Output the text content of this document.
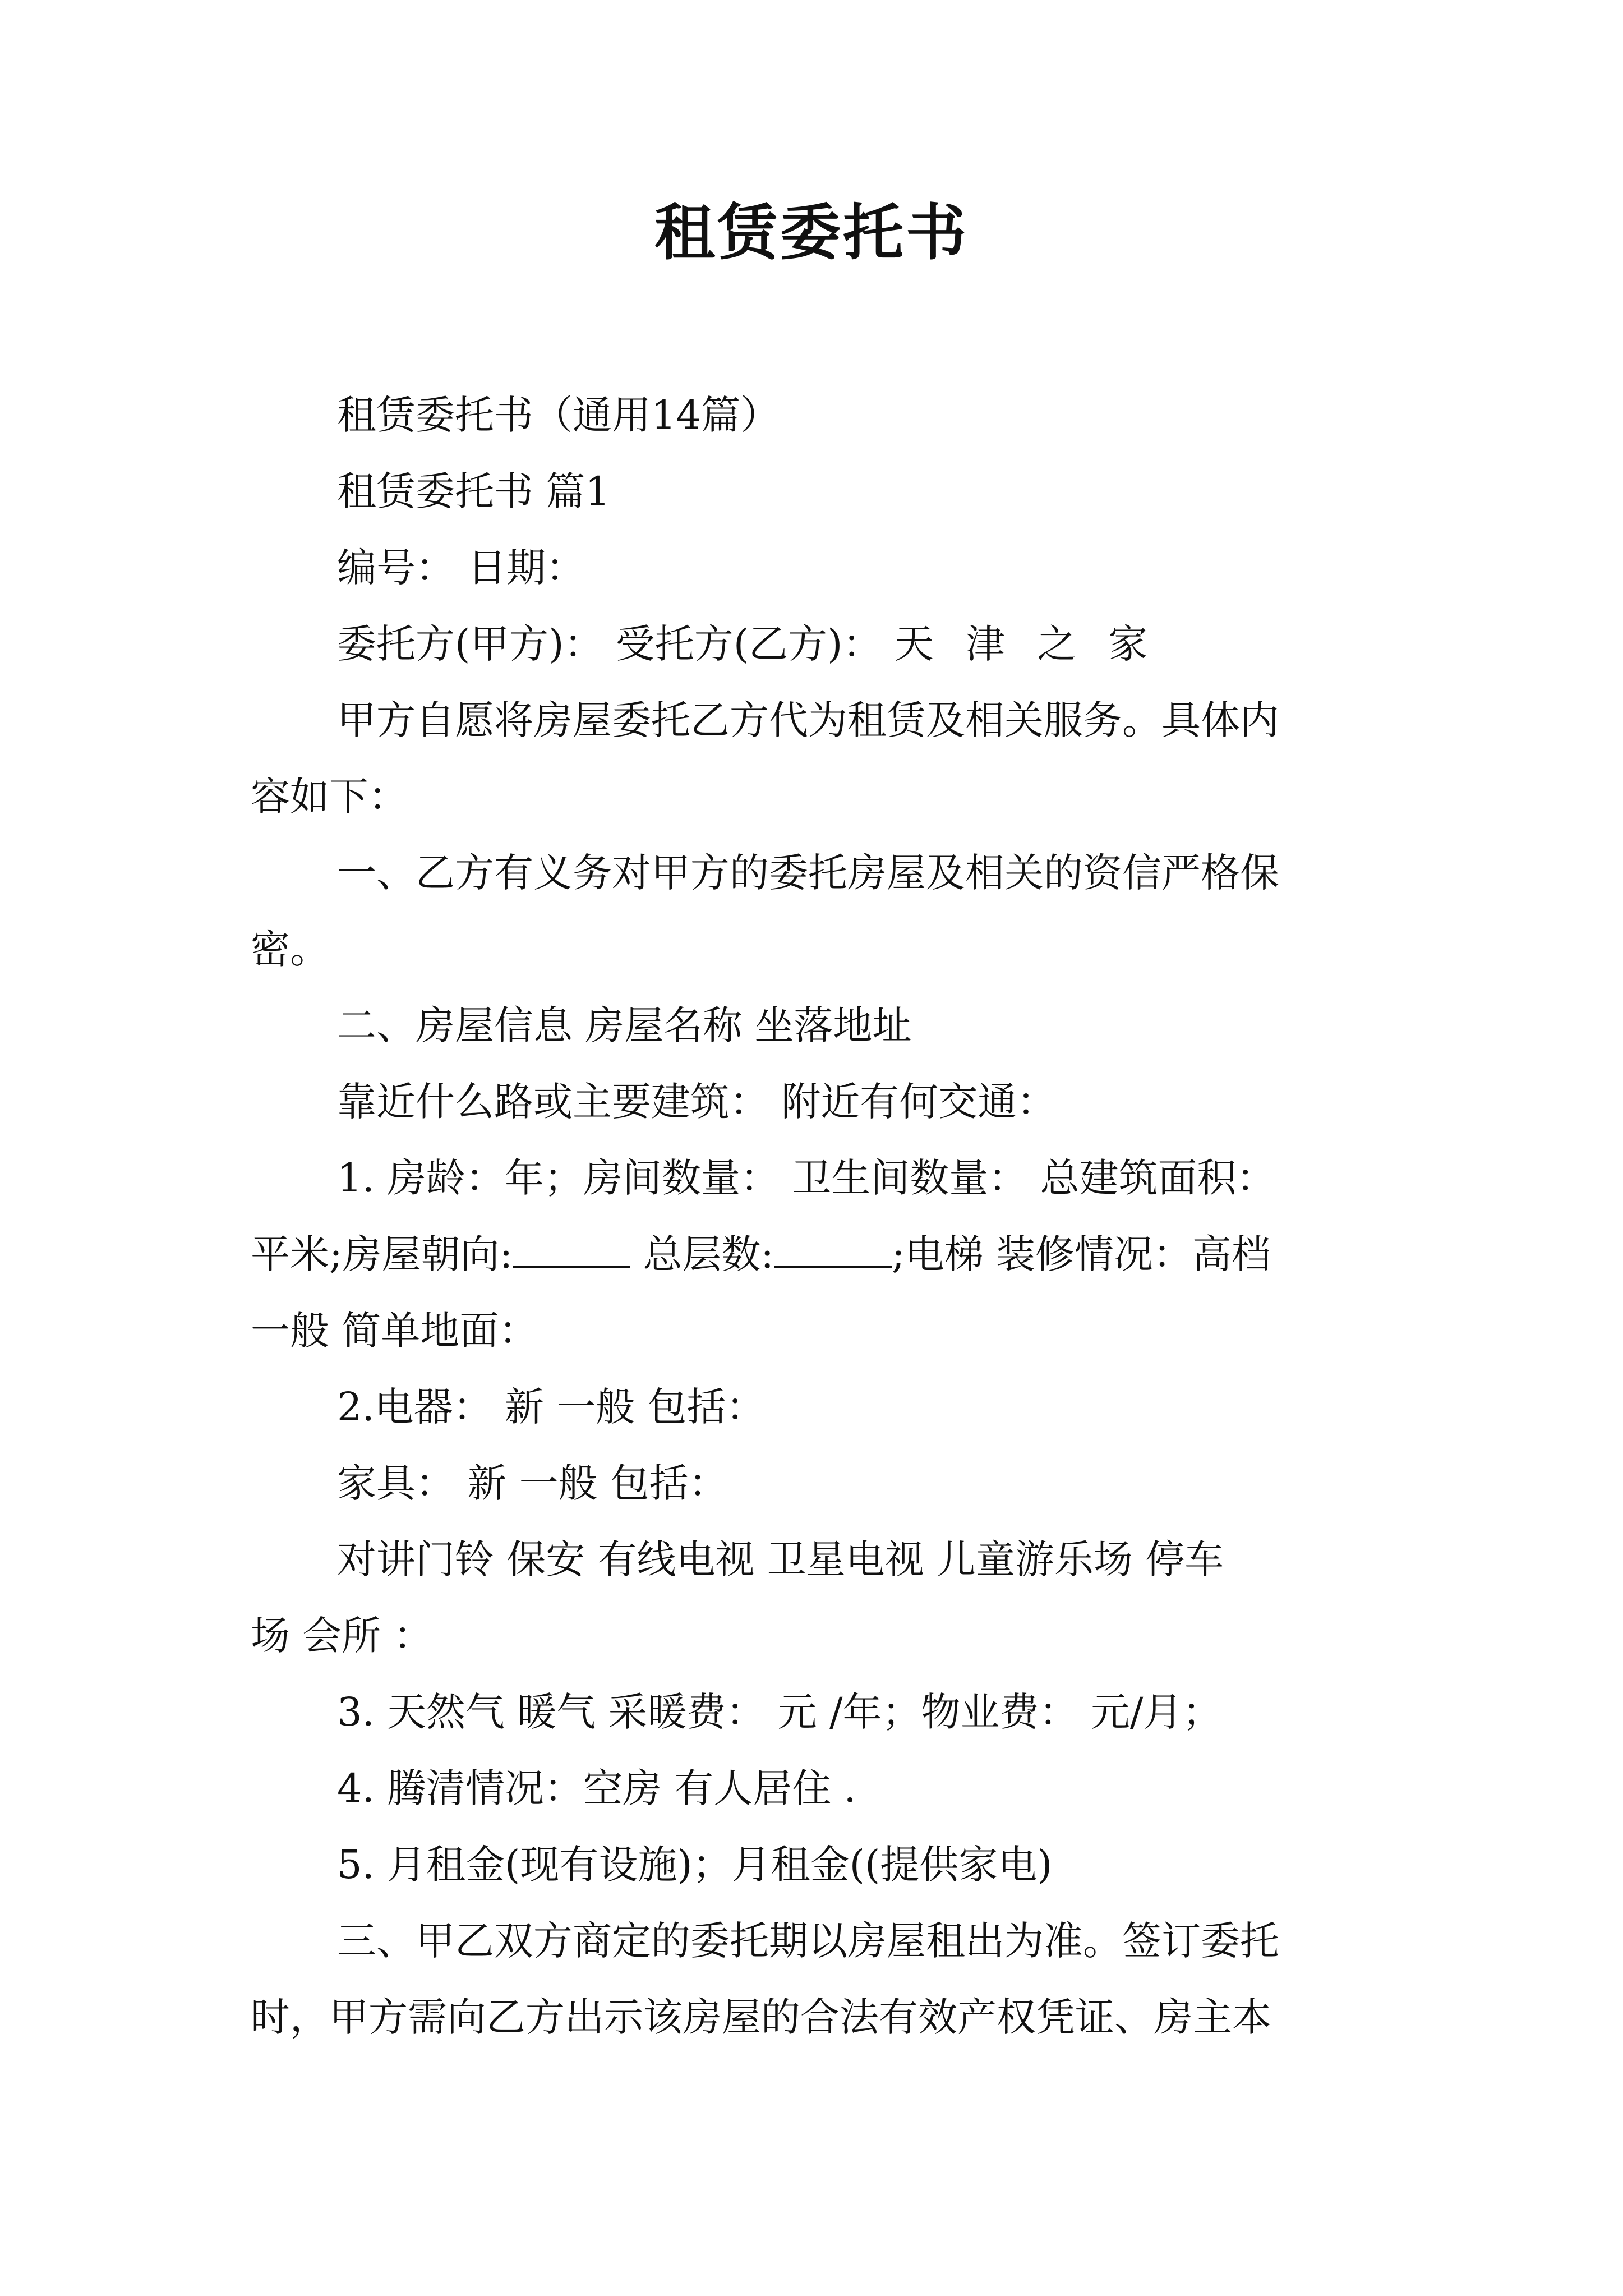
租赁委托书
租赁委托书（通用14篇）
租赁委托书 篇1
编号： 日期：
委托方(甲方)： 受托方(乙方)： 天 津 之 家
甲方自愿将房屋委托乙方代为租赁及相关服务。具体内
容如下：
一、乙方有义务对甲方的委托房屋及相关的资信严格保
密。
二、房屋信息 房屋名称 坐落地址
靠近什么路或主要建筑： 附近有何交通：
1. 房龄：年；房间数量： 卫生间数量： 总建筑面积：
平米;房屋朝向:	总层数:	;电梯 装修情况：高档
一般 简单地面：
2.电器： 新 一般 包括：
家具： 新 一般 包括：
对讲门铃 保安 有线电视 卫星电视 儿童游乐场 停车
场 会所 ：
3. 天然气 暖气 采暖费： 元 /年；物业费： 元/月；
4. 腾清情况：空房 有人居住 .
5. 月租金(现有设施)；月租金((提供家电)
三、甲乙双方商定的委托期以房屋租出为准。签订委托
时，甲方需向乙方出示该房屋的合法有效产权凭证、房主本
